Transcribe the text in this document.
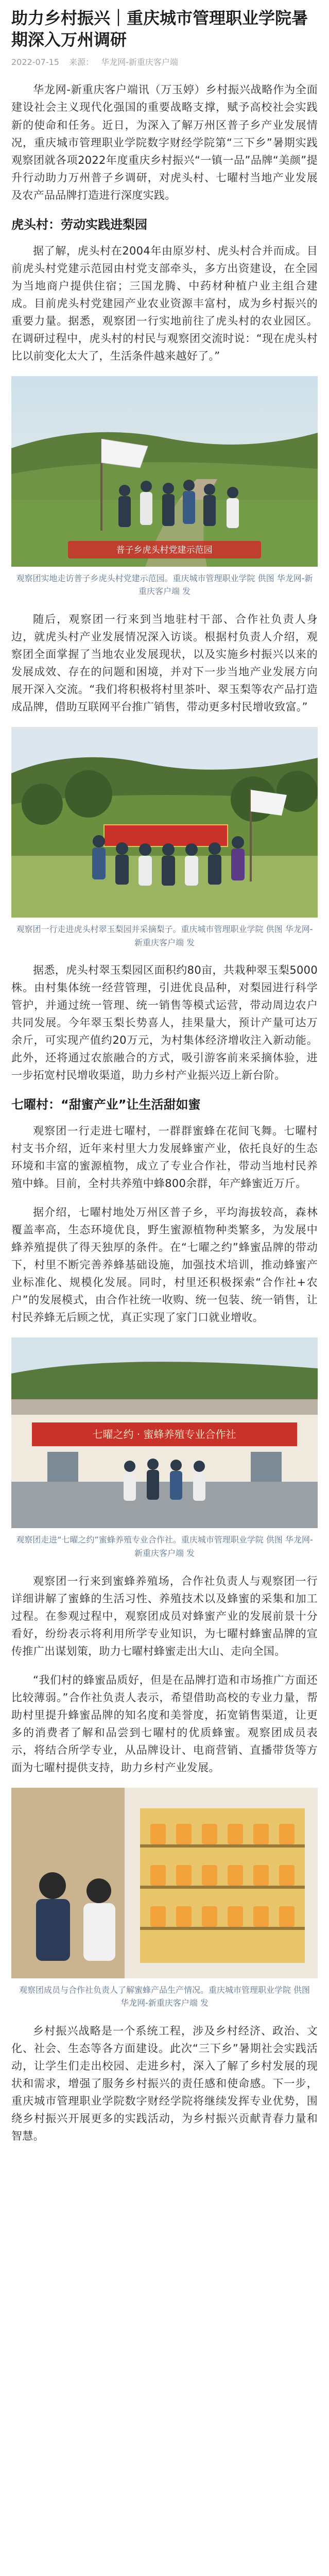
助力乡村振兴｜重庆城市管理职业学院暑期深入万州调研
2022-07-15 来源： 华龙网-新重庆客户端

华龙网-新重庆客户端讯（万玉婷）乡村振兴战略作为全面建设社会主义现代化强国的重要战略支撑，赋予高校社会实践新的使命和任务。近日，为深入了解万州区普子乡产业发展情况，重庆城市管理职业学院数字财经学院第“三下乡”暑期实践观察团就各项2022年度重庆乡村振兴“一镇一品”品牌“美颜”提升行动助力万州普子乡调研，对虎头村、七曜村当地产业发展及农产品品牌打造进行深度实践。

虎头村：劳动实践进梨园

据了解，虎头村在2004年由原岁村、虎头村合并而成。目前虎头村党建示范园由村党支部牵头，多方出资建设，在全园为当地商户提供住宿；三国龙腾、中药材种植户业主组合建成。目前虎头村党建园产业农业资源丰富村，成为乡村振兴的重要力量。据悉，观察团一行实地前往了虎头村的农业园区。在调研过程中，虎头村的村民与观察团交流时说：“现在虎头村比以前变化太大了，生活条件越来越好了。”

普子乡虎头村党建示范园
观察团实地走访普子乡虎头村党建示范园。重庆城市管理职业学院 供图 华龙网-新重庆客户端 发

随后，观察团一行来到当地驻村干部、合作社负责人身边，就虎头村产业发展情况深入访谈。根据村负责人介绍，观察团全面掌握了当地农业发展现状，以及实施乡村振兴以来的发展成效、存在的问题和困境，并对下一步当地产业发展方向展开深入交流。“我们将积极将村里茶叶、翠玉梨等农产品打造成品牌，借助互联网平台推广销售，带动更多村民增收致富。”

观察团一行走进虎头村翠玉梨园并采摘梨子。重庆城市管理职业学院 供图 华龙网-新重庆客户端 发

据悉，虎头村翠玉梨园区面积约80亩，共栽种翠玉梨5000株。由村集体统一经营管理，引进优良品种，对梨园进行科学管护，并通过统一管理、统一销售等模式运营，带动周边农户共同发展。今年翠玉梨长势喜人，挂果量大，预计产量可达万余斤，可实现产值约20万元，为村集体经济增收注入新动能。此外，还将通过农旅融合的方式，吸引游客前来采摘体验，进一步拓宽村民增收渠道，助力乡村产业振兴迈上新台阶。

七曜村：“甜蜜产业”让生活甜如蜜

观察团一行走进七曜村，一群群蜜蜂在花间飞舞。七曜村村支书介绍，近年来村里大力发展蜂蜜产业，依托良好的生态环境和丰富的蜜源植物，成立了专业合作社，带动当地村民养殖中蜂。目前，全村共养殖中蜂800余群，年产蜂蜜近万斤。

据介绍，七曜村地处万州区普子乡，平均海拔较高，森林覆盖率高，生态环境优良，野生蜜源植物种类繁多，为发展中蜂养殖提供了得天独厚的条件。在“七曜之约”蜂蜜品牌的带动下，村里不断完善养蜂基础设施，加强技术培训，推动蜂蜜产业标准化、规模化发展。同时，村里还积极探索“合作社+农户”的发展模式，由合作社统一收购、统一包装、统一销售，让村民养蜂无后顾之忧，真正实现了家门口就业增收。

七曜之约 · 蜜蜂养殖专业合作社
观察团走进“七曜之约”蜜蜂养殖专业合作社。重庆城市管理职业学院 供图 华龙网-新重庆客户端 发

观察团一行来到蜜蜂养殖场，合作社负责人与观察团一行详细讲解了蜜蜂的生活习性、养殖技术以及蜂蜜的采集和加工过程。在参观过程中，观察团成员对蜂蜜产业的发展前景十分看好，纷纷表示将利用所学专业知识，为七曜村蜂蜜品牌的宣传推广出谋划策，助力七曜村蜂蜜走出大山、走向全国。

“我们村的蜂蜜品质好，但是在品牌打造和市场推广方面还比较薄弱。”合作社负责人表示，希望借助高校的专业力量，帮助村里提升蜂蜜品牌的知名度和美誉度，拓宽销售渠道，让更多的消费者了解和品尝到七曜村的优质蜂蜜。观察团成员表示，将结合所学专业，从品牌设计、电商营销、直播带货等方面为七曜村提供支持，助力乡村产业发展。

观察团成员与合作社负责人了解蜜蜂产品生产情况。重庆城市管理职业学院 供图 华龙网-新重庆客户端 发

乡村振兴战略是一个系统工程，涉及乡村经济、政治、文化、社会、生态等各方面建设。此次“三下乡”暑期社会实践活动，让学生们走出校园、走进乡村，深入了解了乡村发展的现状和需求，增强了服务乡村振兴的责任感和使命感。下一步，重庆城市管理职业学院数字财经学院将继续发挥专业优势，围绕乡村振兴开展更多的实践活动，为乡村振兴贡献青春力量和智慧。
